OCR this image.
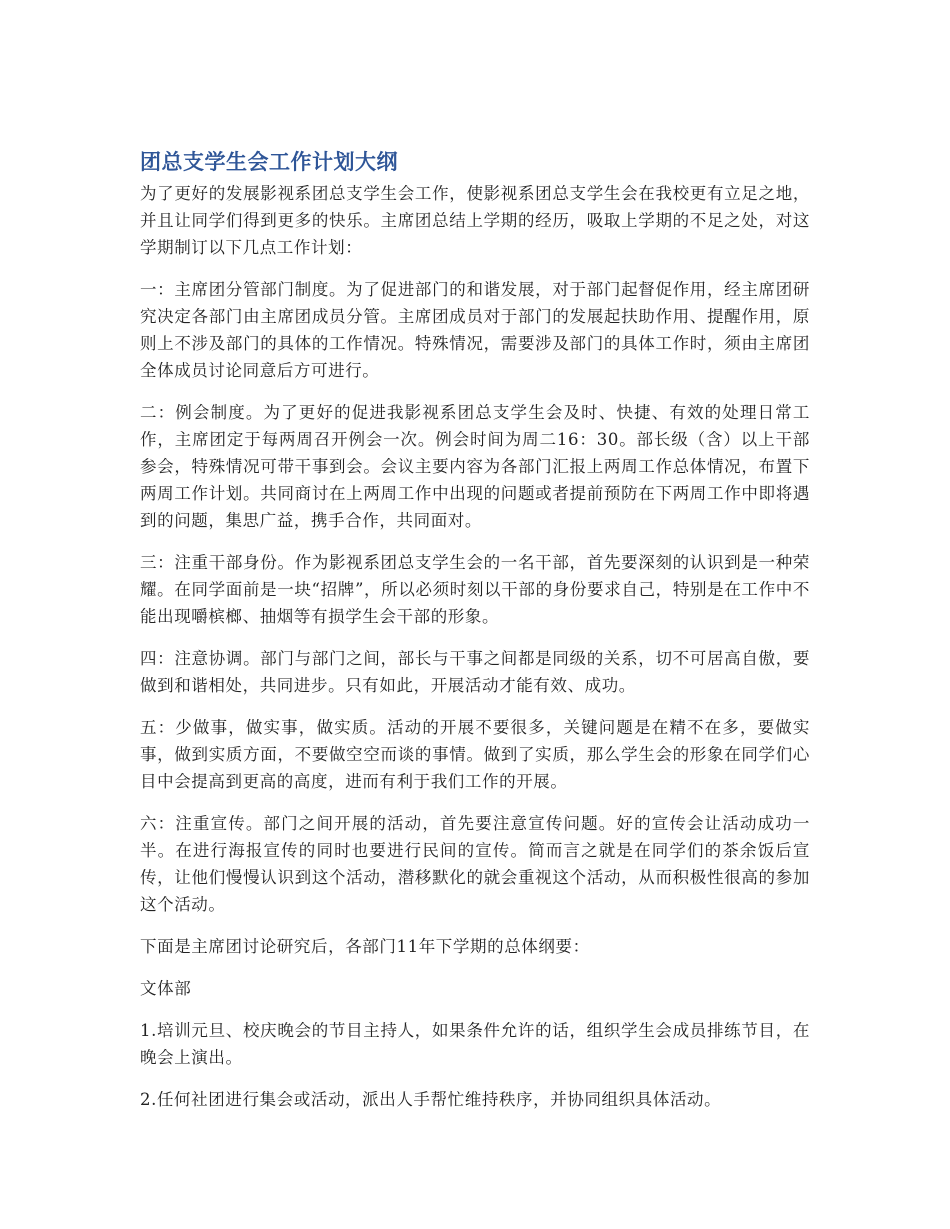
团总支学生会工作计划大纲

为了更好的发展影视系团总支学生会工作，使影视系团总支学生会在我校更有立足之地，并且让同学们得到更多的快乐。主席团总结上学期的经历，吸取上学期的不足之处，对这学期制订以下几点工作计划：

一：主席团分管部门制度。为了促进部门的和谐发展，对于部门起督促作用，经主席团研究决定各部门由主席团成员分管。主席团成员对于部门的发展起扶助作用、提醒作用，原则上不涉及部门的具体的工作情况。特殊情况，需要涉及部门的具体工作时，须由主席团全体成员讨论同意后方可进行。

二：例会制度。为了更好的促进我影视系团总支学生会及时、快捷、有效的处理日常工作，主席团定于每两周召开例会一次。例会时间为周二16：30。部长级（含）以上干部参会，特殊情况可带干事到会。会议主要内容为各部门汇报上两周工作总体情况，布置下两周工作计划。共同商讨在上两周工作中出现的问题或者提前预防在下两周工作中即将遇到的问题，集思广益，携手合作，共同面对。

三：注重干部身份。作为影视系团总支学生会的一名干部，首先要深刻的认识到是一种荣耀。在同学面前是一块“招牌”，所以必须时刻以干部的身份要求自己，特别是在工作中不能出现嚼槟榔、抽烟等有损学生会干部的形象。

四：注意协调。部门与部门之间，部长与干事之间都是同级的关系，切不可居高自傲，要做到和谐相处，共同进步。只有如此，开展活动才能有效、成功。

五：少做事，做实事，做实质。活动的开展不要很多，关键问题是在精不在多，要做实事，做到实质方面，不要做空空而谈的事情。做到了实质，那么学生会的形象在同学们心目中会提高到更高的高度，进而有利于我们工作的开展。

六：注重宣传。部门之间开展的活动，首先要注意宣传问题。好的宣传会让活动成功一半。在进行海报宣传的同时也要进行民间的宣传。简而言之就是在同学们的茶余饭后宣传，让他们慢慢认识到这个活动，潜移默化的就会重视这个活动，从而积极性很高的参加这个活动。

下面是主席团讨论研究后，各部门11年下学期的总体纲要：

文体部

1.培训元旦、校庆晚会的节目主持人，如果条件允许的话，组织学生会成员排练节目，在晚会上演出。

2.任何社团进行集会或活动，派出人手帮忙维持秩序，并协同组织具体活动。
